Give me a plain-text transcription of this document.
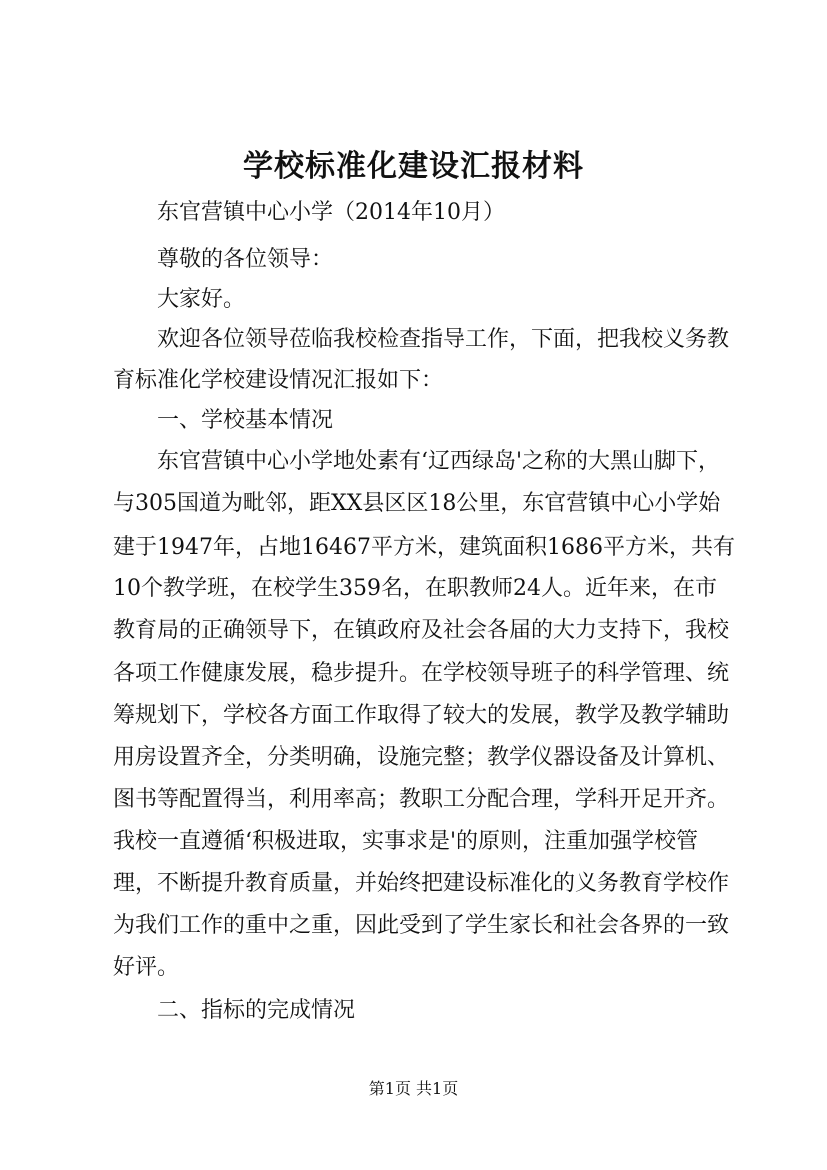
学校标准化建设汇报材料
东官营镇中心小学（2014年10月）
尊敬的各位领导：
大家好。
欢迎各位领导莅临我校检查指导工作，下面，把我校义务教
育标准化学校建设情况汇报如下：
一、学校基本情况
东官营镇中心小学地处素有‘辽西绿岛'之称的大黑山脚下，
与305国道为毗邻，距XX县区区18公里，东官营镇中心小学始
建于1947年，占地16467平方米，建筑面积1686平方米，共有
10个教学班，在校学生359名，在职教师24人。近年来，在市
教育局的正确领导下，在镇政府及社会各届的大力支持下，我校
各项工作健康发展，稳步提升。在学校领导班子的科学管理、统
筹规划下，学校各方面工作取得了较大的发展，教学及教学辅助
用房设置齐全，分类明确，设施完整；教学仪器设备及计算机、
图书等配置得当，利用率高；教职工分配合理，学科开足开齐。
我校一直遵循‘积极进取，实事求是'的原则，注重加强学校管
理，不断提升教育质量，并始终把建设标准化的义务教育学校作
为我们工作的重中之重，因此受到了学生家长和社会各界的一致
好评。
二、指标的完成情况
第1页 共1页
